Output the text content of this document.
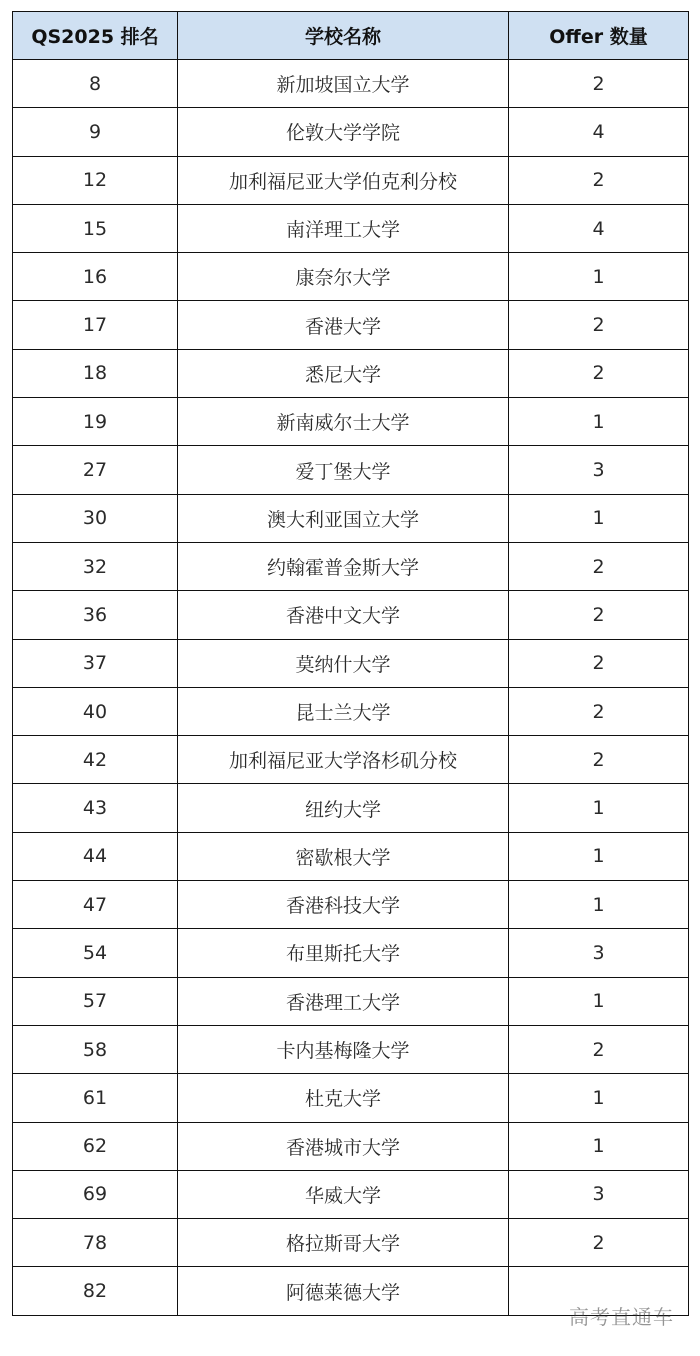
QS2025 排名	学校名称	Offer 数量
8	新加坡国立大学	2
9	伦敦大学学院	4
12	加利福尼亚大学伯克利分校	2
15	南洋理工大学	4
16	康奈尔大学	1
17	香港大学	2
18	悉尼大学	2
19	新南威尔士大学	1
27	爱丁堡大学	3
30	澳大利亚国立大学	1
32	约翰霍普金斯大学	2
36	香港中文大学	2
37	莫纳什大学	2
40	昆士兰大学	2
42	加利福尼亚大学洛杉矶分校	2
43	纽约大学	1
44	密歇根大学	1
47	香港科技大学	1
54	布里斯托大学	3
57	香港理工大学	1
58	卡内基梅隆大学	2
61	杜克大学	1
62	香港城市大学	1
69	华威大学	3
78	格拉斯哥大学	2
82	阿德莱德大学	
高考直通车
